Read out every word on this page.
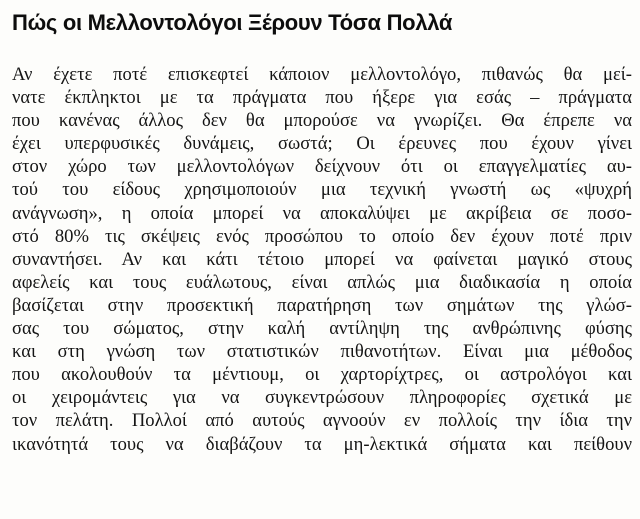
Πώς οι Μελλοντολόγοι Ξέρουν Τόσα Πολλά
Αν έχετε ποτέ επισκεφτεί κάποιον μελλοντολόγο, πιθανώς θα μεί-
νατε έκπληκτοι με τα πράγματα που ήξερε για εσάς – πράγματα
που κανένας άλλος δεν θα μπορούσε να γνωρίζει. Θα έπρεπε να
έχει υπερφυσικές δυνάμεις, σωστά; Οι έρευνες που έχουν γίνει
στον χώρο των μελλοντολόγων δείχνουν ότι οι επαγγελματίες αυ-
τού του είδους χρησιμοποιούν μια τεχνική γνωστή ως «ψυχρή
ανάγνωση», η οποία μπορεί να αποκαλύψει με ακρίβεια σε ποσο-
στό 80% τις σκέψεις ενός προσώπου το οποίο δεν έχουν ποτέ πριν
συναντήσει. Αν και κάτι τέτοιο μπορεί να φαίνεται μαγικό στους
αφελείς και τους ευάλωτους, είναι απλώς μια διαδικασία η οποία
βασίζεται στην προσεκτική παρατήρηση των σημάτων της γλώσ-
σας του σώματος, στην καλή αντίληψη της ανθρώπινης φύσης
και στη γνώση των στατιστικών πιθανοτήτων. Είναι μια μέθοδος
που ακολουθούν τα μέντιουμ, οι χαρτορίχτρες, οι αστρολόγοι και
οι χειρομάντεις για να συγκεντρώσουν πληροφορίες σχετικά με
τον πελάτη. Πολλοί από αυτούς αγνοούν εν πολλοίς την ίδια την
ικανότητά τους να διαβάζουν τα μη-λεκτικά σήματα και πείθουν
